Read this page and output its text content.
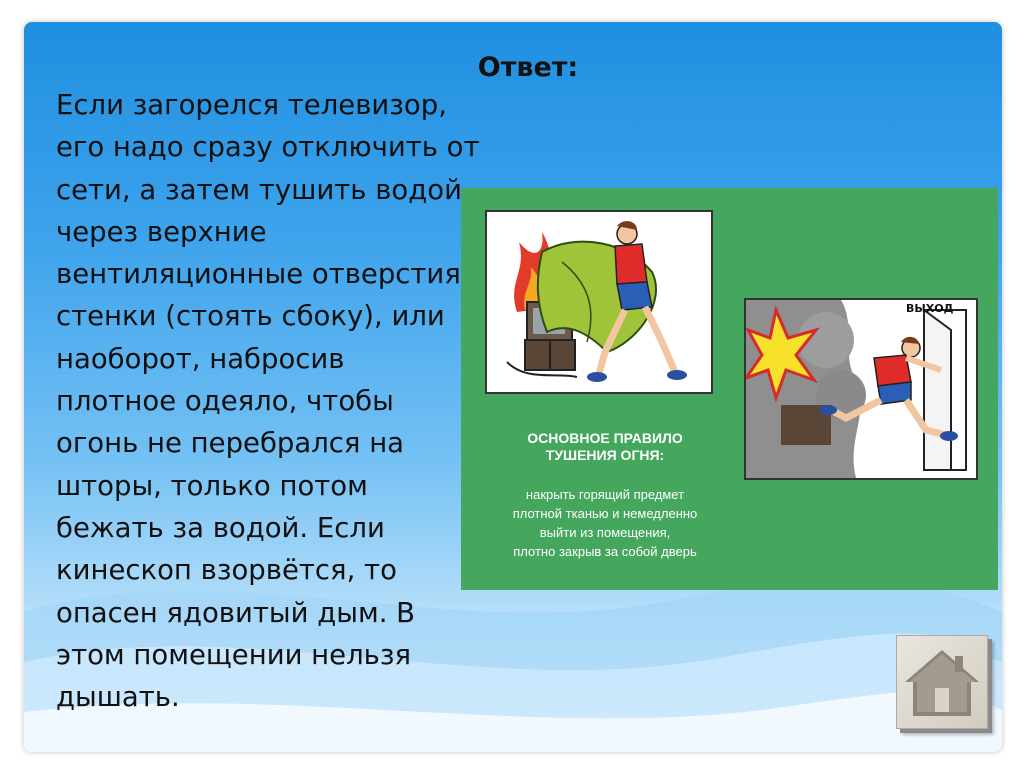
Ответ:

Если загорелся телевизор,
его надо сразу отключить от
сети, а затем тушить водой
через верхние
вентиляционные отверстия
стенки (стоять сбоку), или
наоборот, набросив
плотное одеяло, чтобы
огонь не перебрался на
шторы, только потом
бежать за водой. Если
кинескоп взорвётся, то
опасен ядовитый дым. В
этом помещении нельзя
дышать.

ВЫХОД
ОСНОВНОЕ ПРАВИЛО
ТУШЕНИЯ ОГНЯ:
накрыть горящий предмет
плотной тканью и немедленно
выйти из помещения,
плотно закрыв за собой дверь
